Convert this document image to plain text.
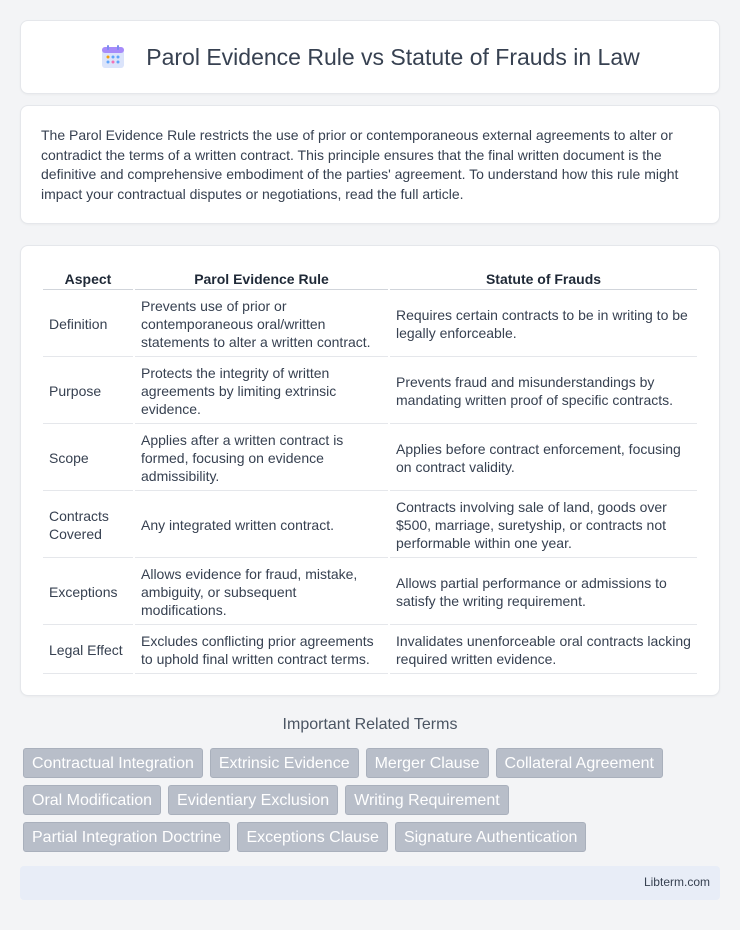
Parol Evidence Rule vs Statute of Frauds in Law

The Parol Evidence Rule restricts the use of prior or contemporaneous external agreements to alter or contradict the terms of a written contract. This principle ensures that the final written document is the definitive and comprehensive embodiment of the parties' agreement. To understand how this rule might impact your contractual disputes or negotiations, read the full article.

Aspect	Parol Evidence Rule	Statute of Frauds
Definition	Prevents use of prior or contemporaneous oral/written statements to alter a written contract.	Requires certain contracts to be in writing to be legally enforceable.
Purpose	Protects the integrity of written agreements by limiting extrinsic evidence.	Prevents fraud and misunderstandings by mandating written proof of specific contracts.
Scope	Applies after a written contract is formed, focusing on evidence admissibility.	Applies before contract enforcement, focusing on contract validity.
Contracts Covered	Any integrated written contract.	Contracts involving sale of land, goods over $500, marriage, suretyship, or contracts not performable within one year.
Exceptions	Allows evidence for fraud, mistake, ambiguity, or subsequent modifications.	Allows partial performance or admissions to satisfy the writing requirement.
Legal Effect	Excludes conflicting prior agreements to uphold final written contract terms.	Invalidates unenforceable oral contracts lacking required written evidence.
Important Related Terms
Contractual Integration	Extrinsic Evidence	Merger Clause	Collateral Agreement
Oral Modification	Evidentiary Exclusion	Writing Requirement
Partial Integration Doctrine	Exceptions Clause	Signature Authentication
Libterm.com
